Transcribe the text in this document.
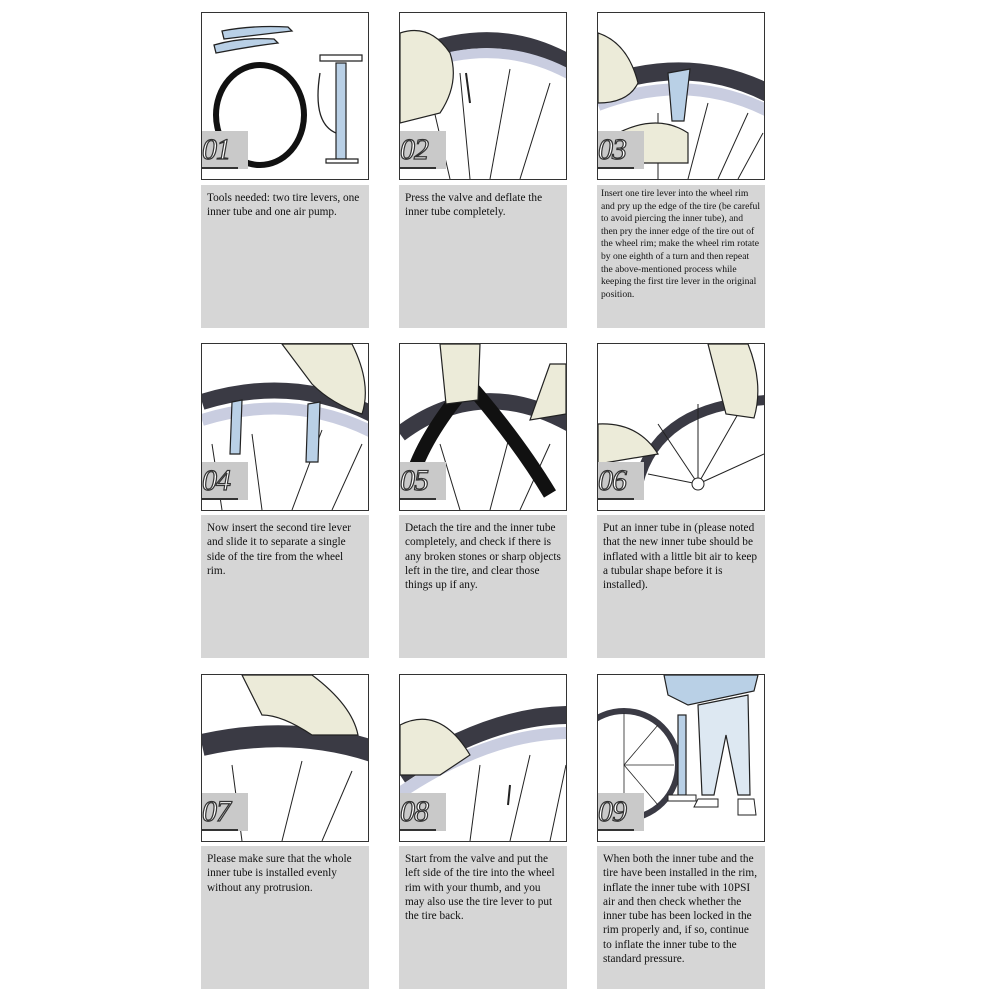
01
Tools needed: two tire levers, one inner tube and one air pump.
02
Press the valve and deflate the inner tube completely.
03
Insert one tire lever into the wheel rim and pry up the edge of the tire (be careful to avoid piercing the inner tube), and then pry the inner edge of the tire out of the wheel rim; make the wheel rim rotate by one eighth of a turn and then repeat the above-mentioned process while keeping the first tire lever in the original position.
04
Now insert the second tire lever and slide it to separate a single side of the tire from the wheel rim.
05
Detach the tire and the inner tube completely, and check if there is any broken stones or sharp objects left in the tire, and clear those things up if any.
06
Put an inner tube in (please noted that the new inner tube should be inflated with a little bit air to keep a tubular shape before it is installed).
07
Please make sure that the whole inner tube is installed evenly without any protrusion.
08
Start from the valve and put the left side of the tire into the wheel rim with your thumb, and you may also use the tire lever to put the tire back.
09
When both the inner tube and the tire have been installed in the rim, inflate the inner tube with 10PSI air and then check whether the inner tube has been locked in the rim properly and, if so, continue to inflate the inner tube to the standard pressure.
